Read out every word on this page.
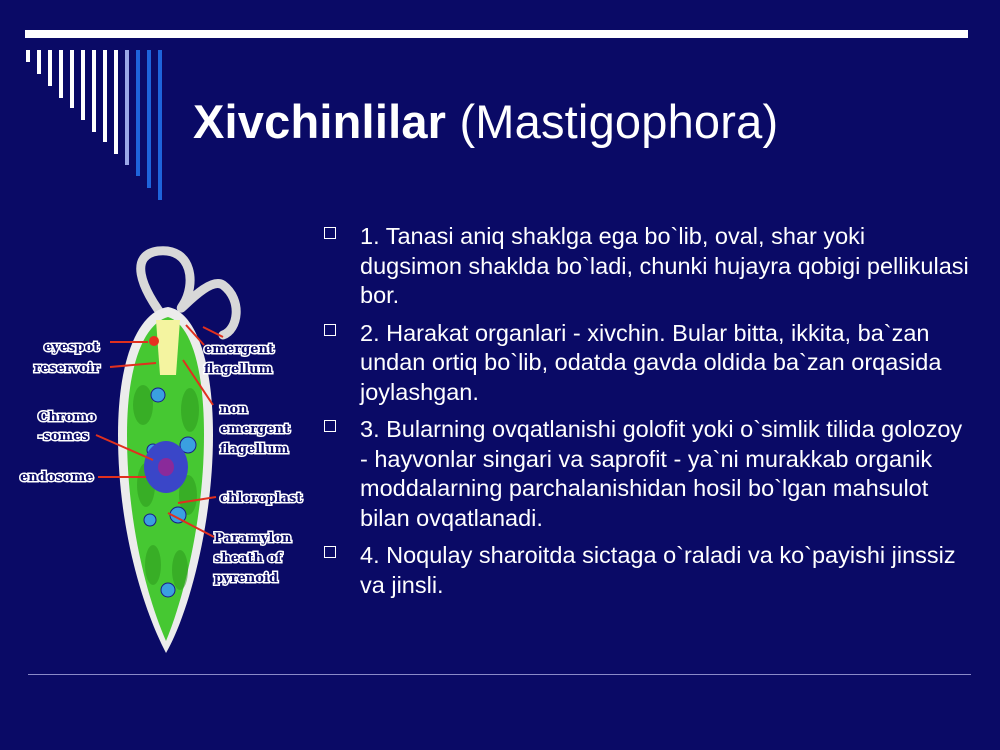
Xivchinlilar (Mastigophora)
1. Tanasi aniq shaklga ega bo`lib, oval, shar yoki dugsimon shaklda bo`ladi, chunki hujayra qobigi pellikulasi bor.
2. Harakat organlari - xivchin. Bular bitta, ikkita, ba`zan undan ortiq bo`lib, odatda gavda oldida ba`zan orqasida joylashgan.
3. Bularning ovqatlanishi golofit yoki o`simlik tilida golozoy - hayvonlar singari va saprofit - ya`ni murakkab organik moddalarning parchalanishidan hosil bo`lgan mahsulot bilan ovqatlanadi.
4. Noqulay sharoitda sictaga o`raladi va ko`payishi jinssiz va jinsli.
eyespot
reservoir
Chromo
-somes
endosome
emergent
flagellum
non
emergent
flagellum
chloroplast
Paramylon
sheath of
pyrenoid
